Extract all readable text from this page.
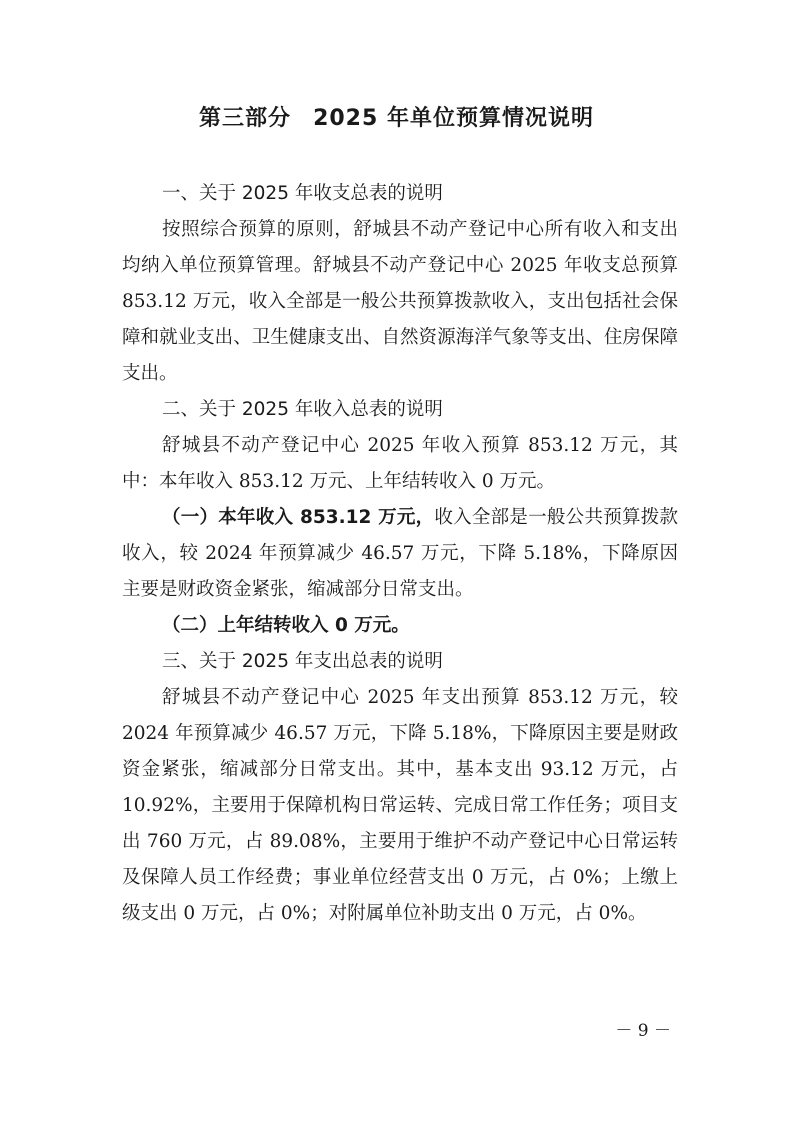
第三部分 2025 年单位预算情况说明
一、关于 2025 年收支总表的说明

按照综合预算的原则，舒城县不动产登记中心所有收入和支出均纳入单位预算管理。舒城县不动产登记中心 2025 年收支总预算 853.12 万元，收入全部是一般公共预算拨款收入，支出包括社会保障和就业支出、卫生健康支出、自然资源海洋气象等支出、住房保障支出。

二、关于 2025 年收入总表的说明

舒城县不动产登记中心 2025 年收入预算 853.12 万元，其中：本年收入 853.12 万元、上年结转收入 0 万元。

（一）本年收入 853.12 万元，收入全部是一般公共预算拨款收入，较 2024 年预算减少 46.57 万元，下降 5.18%，下降原因主要是财政资金紧张，缩减部分日常支出。

（二）上年结转收入 0 万元。

三、关于 2025 年支出总表的说明

舒城县不动产登记中心 2025 年支出预算 853.12 万元，较 2024 年预算减少 46.57 万元，下降 5.18%，下降原因主要是财政资金紧张，缩减部分日常支出。其中，基本支出 93.12 万元，占 10.92%，主要用于保障机构日常运转、完成日常工作任务；项目支出 760 万元，占 89.08%，主要用于维护不动产登记中心日常运转及保障人员工作经费；事业单位经营支出 0 万元，占 0%；上缴上级支出 0 万元，占 0%；对附属单位补助支出 0 万元，占 0%。

－ 9 －
